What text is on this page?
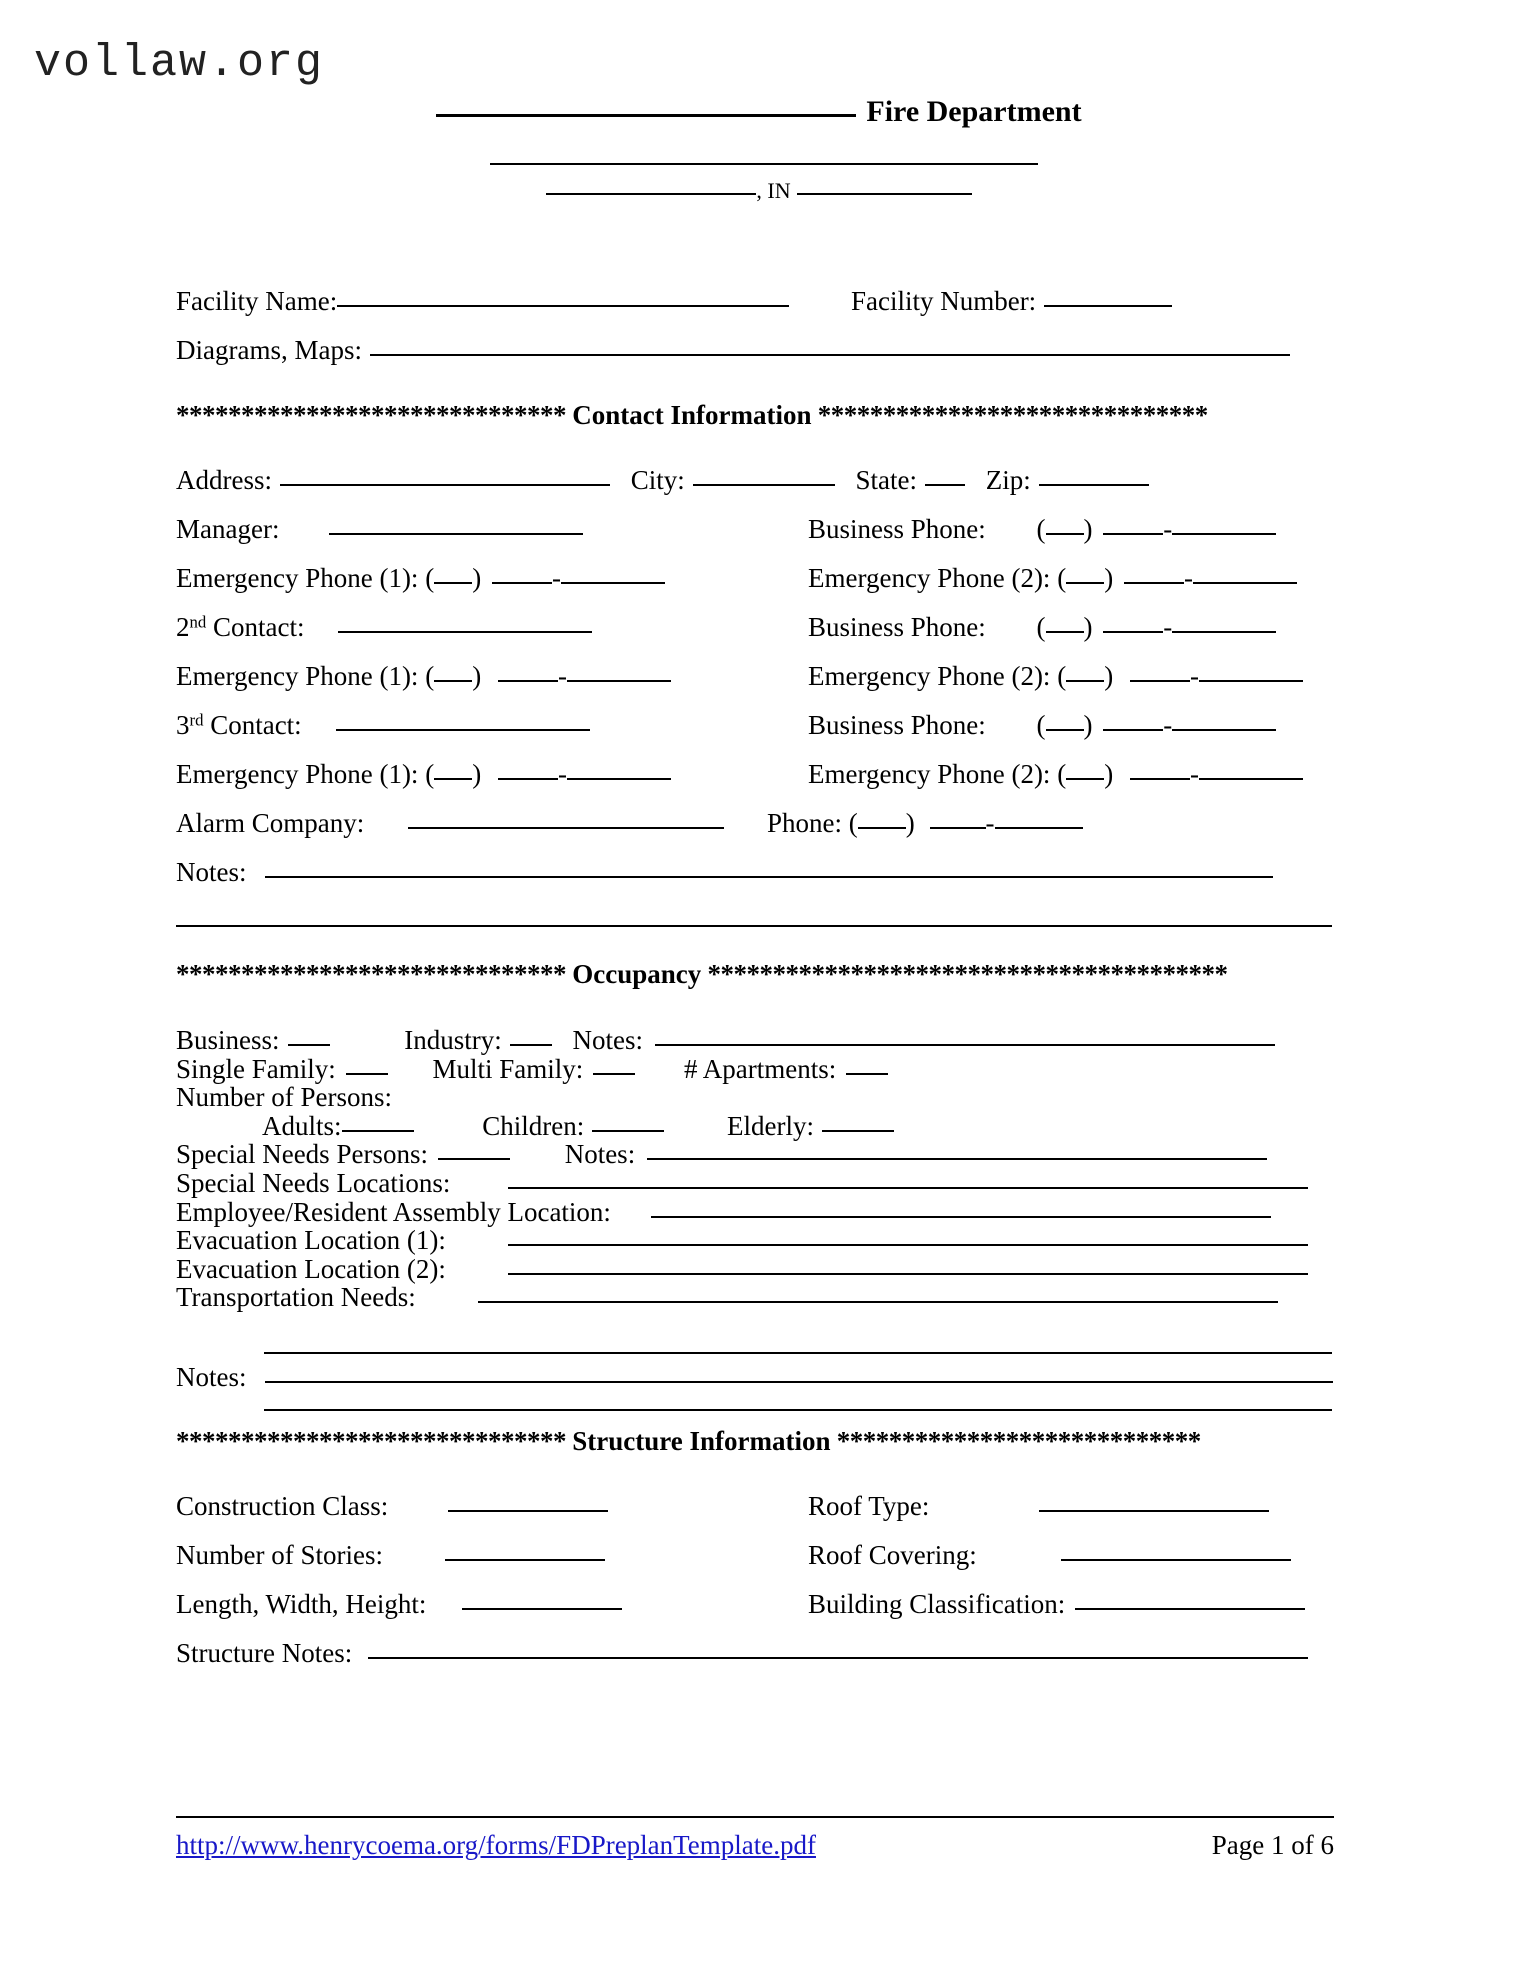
vollaw.org
Fire Department
, IN
Facility Name:	Facility Number:
Diagrams, Maps:
****************************** Contact Information ******************************
Address:	City:	State:	Zip:
Manager:	Business Phone: ( )	-
Emergency Phone (1): ( )	-	Emergency Phone (2): ( )	-
2nd Contact:	Business Phone: ( )	-
Emergency Phone (1): ( )	-	Emergency Phone (2): ( )	-
3rd Contact:	Business Phone: ( )	-
Emergency Phone (1): ( )	-	Emergency Phone (2): ( )	-
Alarm Company:	Phone: ( )	-
Notes:
****************************** Occupancy ****************************************
Business:	Industry:	Notes:
Single Family:	Multi Family:	# Apartments:
Number of Persons:
Adults:	Children:	Elderly:
Special Needs Persons:	Notes:
Special Needs Locations:
Employee/Resident Assembly Location:
Evacuation Location (1):
Evacuation Location (2):
Transportation Needs:
Notes:
****************************** Structure Information ****************************
Construction Class:	Roof Type:
Number of Stories:	Roof Covering:
Length, Width, Height:	Building Classification:
Structure Notes:
http://www.henrycoema.org/forms/FDPreplanTemplate.pdf	Page 1 of 6
